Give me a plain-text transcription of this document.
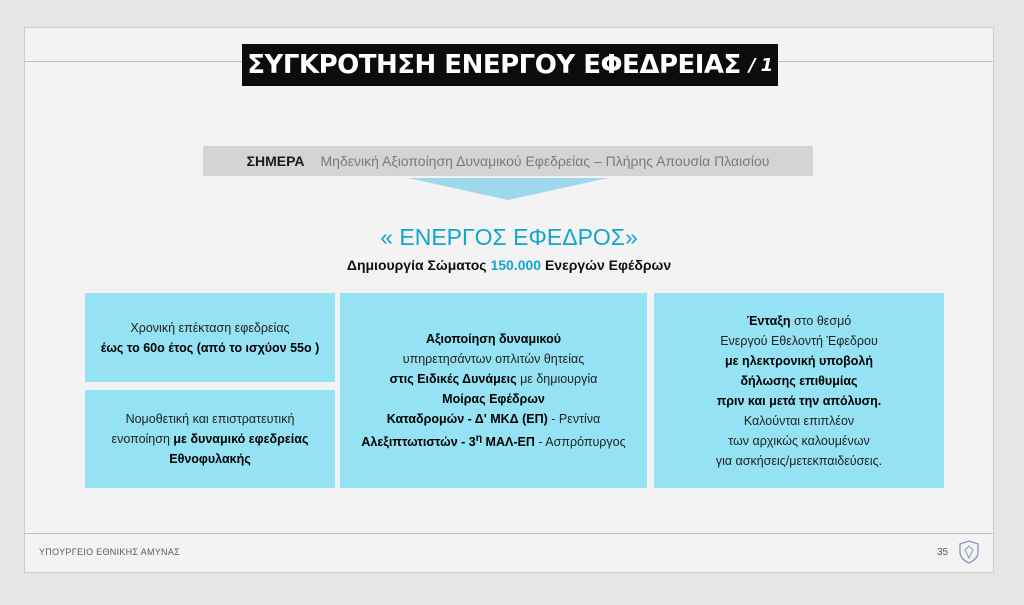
ΣΥΓΚΡΟΤΗΣΗ ΕΝΕΡΓΟΥ ΕΦΕΔΡΕΙΑΣ / 1
ΣΗΜΕΡΑ Μηδενική Αξιοποίηση Δυναμικού Εφεδρείας – Πλήρης Απουσία Πλαισίου
« ΕΝΕΡΓΟΣ ΕΦΕΔΡΟΣ»
Δημιουργία Σώματος 150.000 Ενεργών Εφέδρων
Χρονική επέκταση εφεδρείας
έως το 60ο έτος (από το ισχύον 55ο )
Νομοθετική και επιστρατευτική
ενοποίηση με δυναμικό εφεδρείας
Εθνοφυλακής
Αξιοποίηση δυναμικού
υπηρετησάντων οπλιτών θητείας
στις Ειδικές Δυνάμεις με δημιουργία
Μοίρας Εφέδρων
Καταδρομών - Δ' ΜΚΔ (ΕΠ) - Ρεντίνα
Αλεξιπτωτιστών - $3^\eta$ ΜΑΛ-ΕΠ - Ασπρόπυργος
Ένταξη στο θεσμό
Ενεργού Εθελοντή Έφεδρου
με ηλεκτρονική υποβολή
δήλωσης επιθυμίας
πριν και μετά την απόλυση.
Καλούνται επιπλέον
των αρχικώς καλουμένων
για ασκήσεις/μετεκπαιδεύσεις.
ΥΠΟΥΡΓΕΙΟ ΕΘΝΙΚΗΣ ΑΜΥΝΑΣ	35
